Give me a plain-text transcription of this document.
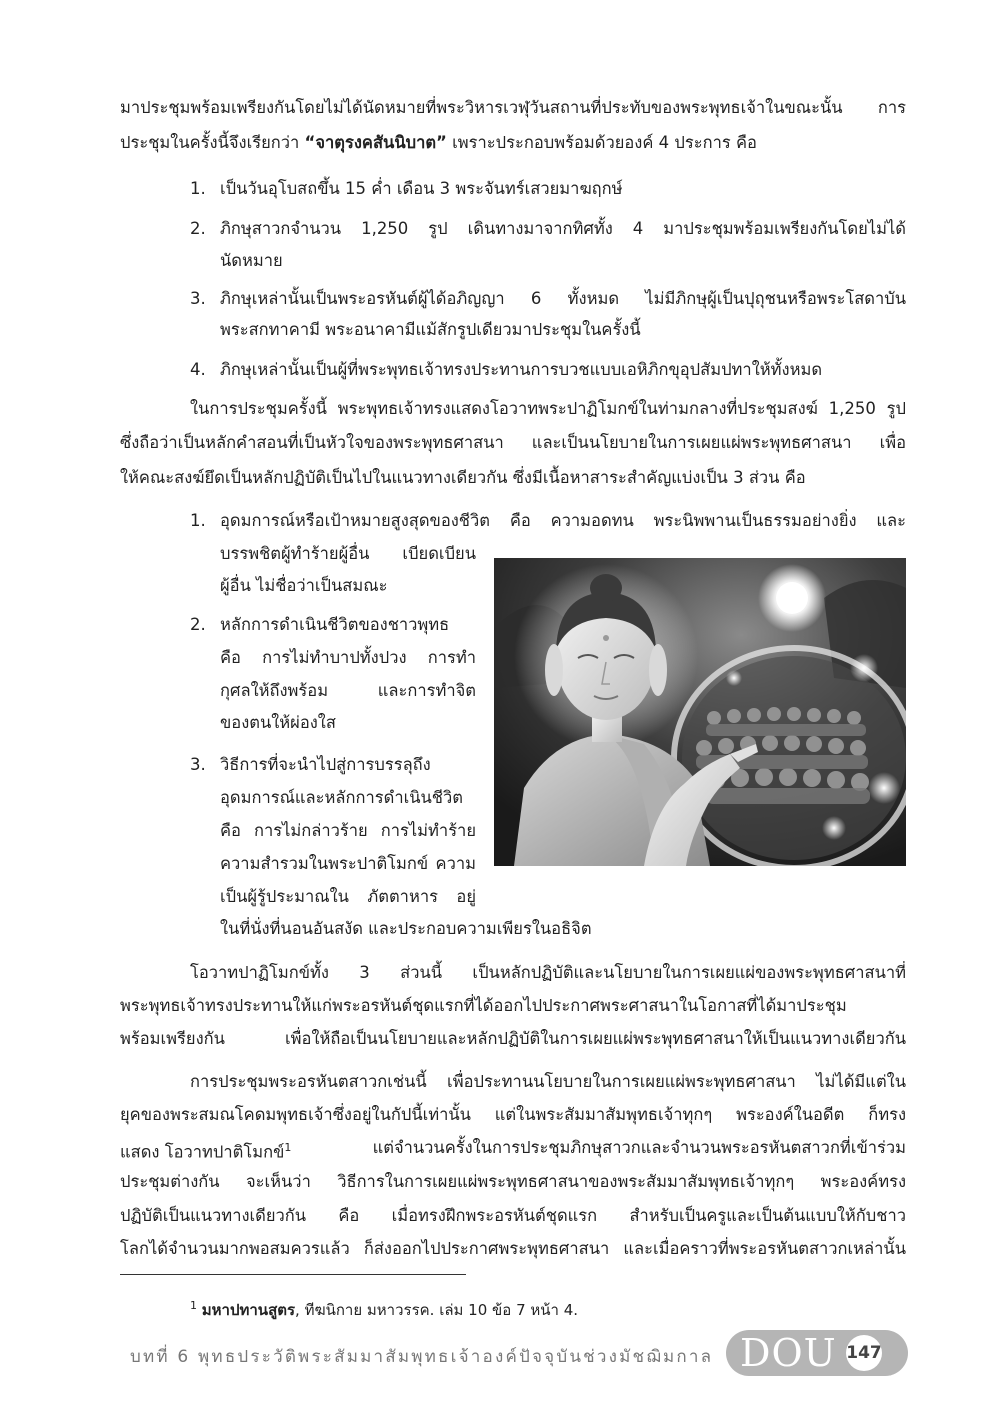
มาประชุมพร้อมเพรียงกันโดยไม่ได้นัดหมายที่พระวิหารเวฬุวันสถานที่ประทับของพระพุทธเจ้าในขณะนั้น การ
ประชุมในครั้งนี้จึงเรียกว่า “จาตุรงคสันนิบาต” เพราะประกอบพร้อมด้วยองค์ 4 ประการ คือ
1. เป็นวันอุโบสถขึ้น 15 ค่ำ เดือน 3 พระจันทร์เสวยมาฆฤกษ์
2. ภิกษุสาวกจำนวน 1,250 รูป เดินทางมาจากทิศทั้ง 4 มาประชุมพร้อมเพรียงกันโดยไม่ได้
นัดหมาย
3. ภิกษุเหล่านั้นเป็นพระอรหันต์ผู้ได้อภิญญา 6 ทั้งหมด ไม่มีภิกษุผู้เป็นปุถุชนหรือพระโสดาบัน
พระสกทาคามี พระอนาคามีแม้สักรูปเดียวมาประชุมในครั้งนี้
4. ภิกษุเหล่านั้นเป็นผู้ที่พระพุทธเจ้าทรงประทานการบวชแบบเอหิภิกขุอุปสัมปทาให้ทั้งหมด
ในการประชุมครั้งนี้ พระพุทธเจ้าทรงแสดงโอวาทพระปาฏิโมกข์ในท่ามกลางที่ประชุมสงฆ์ 1,250 รูป
ซึ่งถือว่าเป็นหลักคำสอนที่เป็นหัวใจของพระพุทธศาสนา และเป็นนโยบายในการเผยแผ่พระพุทธศาสนา เพื่อ
ให้คณะสงฆ์ยึดเป็นหลักปฏิบัติเป็นไปในแนวทางเดียวกัน ซึ่งมีเนื้อหาสาระสำคัญแบ่งเป็น 3 ส่วน คือ
1. อุดมการณ์หรือเป้าหมายสูงสุดของชีวิต คือ ความอดทน พระนิพพานเป็นธรรมอย่างยิ่ง และ
บรรพชิตผู้ทำร้ายผู้อื่น เบียดเบียน
ผู้อื่น ไม่ชื่อว่าเป็นสมณะ
2. หลักการดำเนินชีวิตของชาวพุทธ
คือ การไม่ทำบาปทั้งปวง การทำ
กุศลให้ถึงพร้อม และการทำจิต
ของตนให้ผ่องใส
3. วิธีการที่จะนำไปสู่การบรรลุถึง
อุดมการณ์และหลักการดำเนินชีวิต
คือ การไม่กล่าวร้าย การไม่ทำร้าย
ความสำรวมในพระปาติโมกข์ ความ
เป็นผู้รู้ประมาณใน ภัตตาหาร อยู่
ในที่นั่งที่นอนอันสงัด และประกอบความเพียรในอธิจิต
โอวาทปาฏิโมกข์ทั้ง 3 ส่วนนี้ เป็นหลักปฏิบัติและนโยบายในการเผยแผ่ของพระพุทธศาสนาที่
พระพุทธเจ้าทรงประทานให้แก่พระอรหันต์ชุดแรกที่ได้ออกไปประกาศพระศาสนาในโอกาสที่ได้มาประชุม
พร้อมเพรียงกัน เพื่อให้ถือเป็นนโยบายและหลักปฏิบัติในการเผยแผ่พระพุทธศาสนาให้เป็นแนวทางเดียวกัน
การประชุมพระอรหันตสาวกเช่นนี้ เพื่อประทานนโยบายในการเผยแผ่พระพุทธศาสนา ไม่ได้มีแต่ใน
ยุคของพระสมณโคดมพุทธเจ้าซึ่งอยู่ในกัปนี้เท่านั้น แต่ในพระสัมมาสัมพุทธเจ้าทุกๆ พระองค์ในอดีต ก็ทรง
แสดง โอวาทปาติโมกข์$^1$	แต่จำนวนครั้งในการประชุมภิกษุสาวกและจำนวนพระอรหันตสาวกที่เข้าร่วม
ประชุมต่างกัน จะเห็นว่า วิธีการในการเผยแผ่พระพุทธศาสนาของพระสัมมาสัมพุทธเจ้าทุกๆ พระองค์ทรง
ปฏิบัติเป็นแนวทางเดียวกัน คือ เมื่อทรงฝึกพระอรหันต์ชุดแรก สำหรับเป็นครูและเป็นต้นแบบให้กับชาว
โลกได้จำนวนมากพอสมควรแล้ว ก็ส่งออกไปประกาศพระพุทธศาสนา และเมื่อคราวที่พระอรหันตสาวกเหล่านั้น
$^1$ มหาปทานสูตร, ทีฆนิกาย มหาวรรค. เล่ม 10 ข้อ 7 หน้า 4.
บทที่ 6 พุทธประวัติพระสัมมาสัมพุทธเจ้าองค์ปัจจุบันช่วงมัชฌิมกาล DOU 147
